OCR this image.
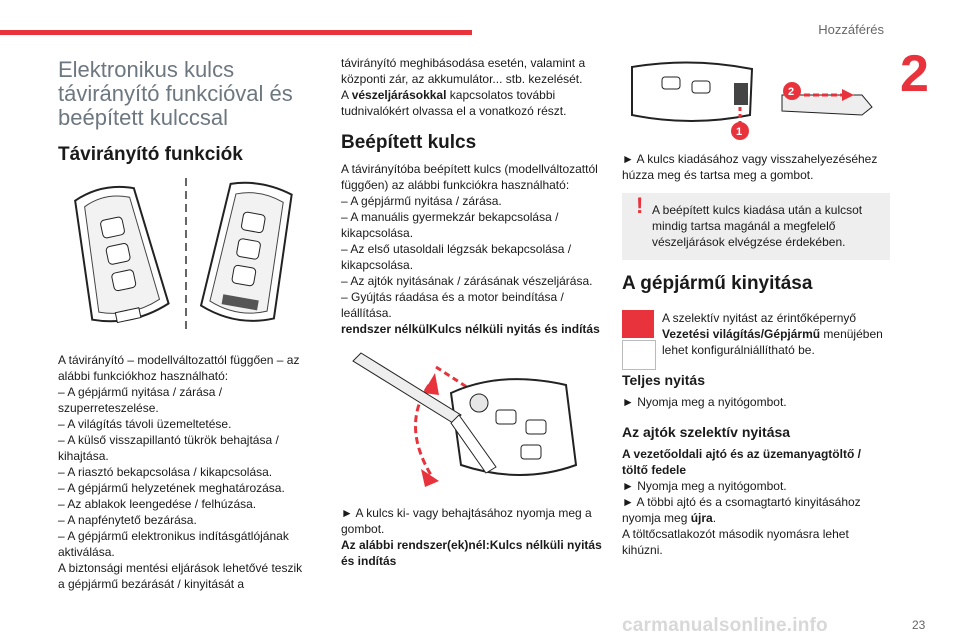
Hozzáférés
2
23
carmanualsonline.info
Elektronikus kulcs távirányító funkcióval és beépített kulccsal
Távirányító funkciók

A távirányító – modellváltozattól függően – az alábbi funkciókhoz használható:

– A gépjármű nyitása / zárása / szuperreteszelése.

– A világítás távoli üzemeltetése.

– A külső visszapillantó tükrök behajtása / kihajtása.

– A riasztó bekapcsolása / kikapcsolása.

– A gépjármű helyzetének meghatározása.

– Az ablakok leengedése / felhúzása.

– A napfénytető bezárása.

– A gépjármű elektronikus indításgátlójának aktiválása.

A biztonsági mentési eljárások lehetővé teszik a gépjármű bezárását / kinyitását a

távirányító meghibásodása esetén, valamint a központi zár, az akkumulátor... stb. kezelését.

A vészeljárásokkal kapcsolatos további tudnivalókért olvassa el a vonatkozó részt.

Beépített kulcs

A távirányítóba beépített kulcs (modellváltozattól függően) az alábbi funkciókra használható:

– A gépjármű nyitása / zárása.

– A manuális gyermekzár bekapcsolása / kikapcsolása.

– Az első utasoldali légzsák bekapcsolása / kikapcsolása.

– Az ajtók nyitásának / zárásának vészeljárása.

– Gyújtás ráadása és a motor beindítása / leállítása.

rendszer nélkülKulcs nélküli nyitás és indítás

► A kulcs ki- vagy behajtásához nyomja meg a gombot.

Az alábbi rendszer(ek)nél:Kulcs nélküli nyitás és indítás

2
1

► A kulcs kiadásához vagy visszahelyezéséhez húzza meg és tartsa meg a gombot.

! A beépített kulcs kiadása után a kulcsot mindig tartsa magánál a megfelelő vészeljárások elvégzése érdekében.
A gépjármű kinyitása
A szelektív nyitást az érintőképernyő Vezetési világítás/Gépjármű menüjében lehet konfigurálniállítható be.
Teljes nyitás

► Nyomja meg a nyitógombot.

Az ajtók szelektív nyitása

A vezetőoldali ajtó és az üzemanyagtöltő / töltő fedele

► Nyomja meg a nyitógombot.

► A többi ajtó és a csomagtartó kinyitásához nyomja meg újra.

A töltőcsatlakozót második nyomásra lehet kihúzni.
